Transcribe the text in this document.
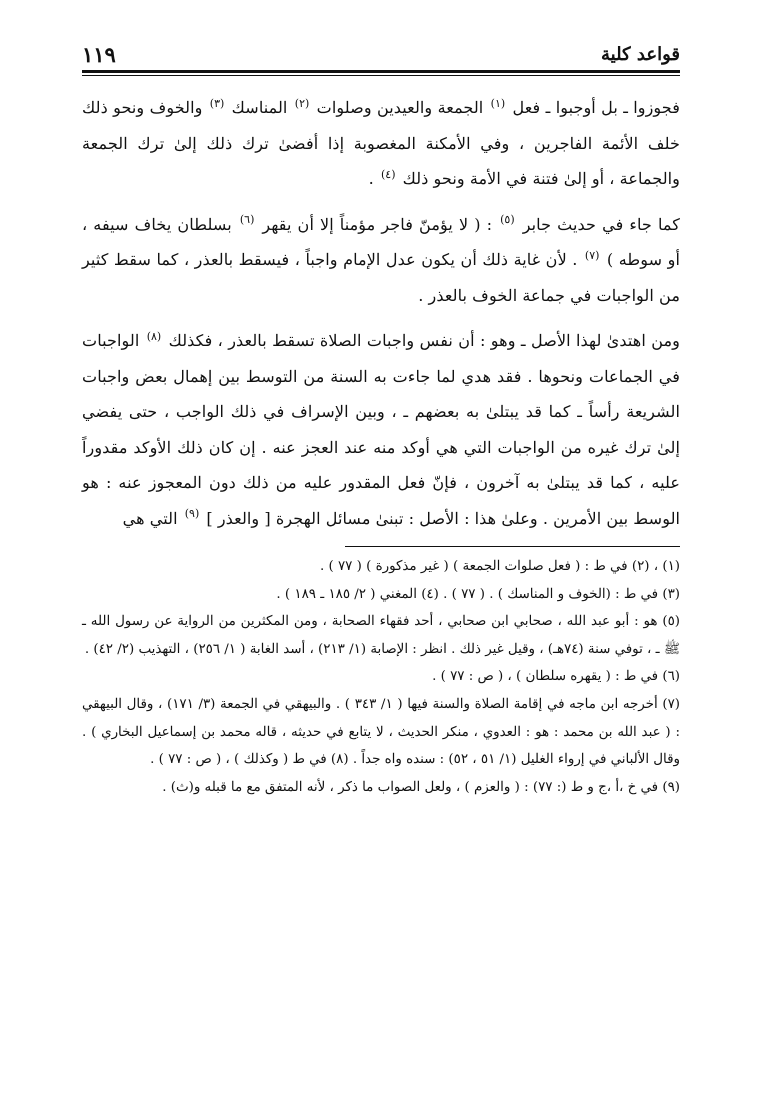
قواعد كلية
١١٩

فجوزوا ـ بل أوجبوا ـ فعل $^{(١)}$ الجمعة والعيدين وصلوات $^{(٢)}$ المناسك $^{(٣)}$ والخوف ونحو ذلك خلف الأئمة الفاجرين ، وفي الأمكنة المغصوبة إذا أفضىٰ ترك ذلك إلىٰ ترك الجمعة والجماعة ، أو إلىٰ فتنة في الأمة ونحو ذلك $^{(٤)}$ .

كما جاء في حديث جابر $^{(٥)}$ : ( لا يؤمنّ فاجر مؤمناً إلا أن يقهر $^{(٦)}$ بسلطان يخاف سيفه ، أو سوطه ) $^{(٧)}$ . لأن غاية ذلك أن يكون عدل الإمام واجباً ، فيسقط بالعذر ، كما سقط كثير من الواجبات في جماعة الخوف بالعذر .

ومن اهتدىٰ لهذا الأصل ـ وهو : أن نفس واجبات الصلاة تسقط بالعذر ، فكذلك $^{(٨)}$ الواجبات في الجماعات ونحوها . فقد هدي لما جاءت به السنة من التوسط بين إهمال بعض واجبات الشريعة رأساً ـ كما قد يبتلىٰ به بعضهم ـ ، وبين الإسراف في ذلك الواجب ، حتى يفضي إلىٰ ترك غيره من الواجبات التي هي أوكد منه عند العجز عنه . إن كان ذلك الأوكد مقدوراً عليه ، كما قد يبتلىٰ به آخرون ، فإنّ فعل المقدور عليه من ذلك دون المعجوز عنه : هو الوسط بين الأمرين . وعلىٰ هذا : الأصل : تبنىٰ مسائل الهجرة [ والعذر ] $^{(٩)}$ التي هي

(١) ، (٢) في ط : ( فعل صلوات الجمعة ) ( غير مذكورة ) ( ٧٧ ) .

(٣) في ط : (الخوف و المناسك ) . ( ٧٧ ) . (٤) المغني ( ٢/ ١٨٥ ـ ١٨٩ ) .

(٥) هو : أبو عبد الله ، صحابي ابن صحابي ، أحد فقهاء الصحابة ، ومن المكثرين من الرواية عن رسول الله ـ ﷺ ـ ، توفي سنة (٧٤هـ) ، وقيل غير ذلك . انظر : الإصابة (١/ ٢١٣) ، أسد الغابة ( ١/ ٢٥٦) ، التهذيب (٢/ ٤٢) .

(٦) في ط : ( يقهره سلطان ) ، ( ص : ٧٧ ) .

(٧) أخرجه ابن ماجه في إقامة الصلاة والسنة فيها ( ١/ ٣٤٣ ) . والبيهقي في الجمعة (٣/ ١٧١) ، وقال البيهقي : ( عبد الله بن محمد : هو : العدوي ، منكر الحديث ، لا يتابع في حديثه ، قاله محمد بن إسماعيل البخاري ) . وقال الألباني في إرواء الغليل (١/ ٥١ ، ٥٢) : سنده واه جداً . (٨) في ط ( وكذلك ) ، ( ص : ٧٧ ) .

(٩) في خ ،أ ،ج و ط (: ٧٧) : ( والعزم ) ، ولعل الصواب ما ذكر ، لأنه المتفق مع ما قبله و(ث) .
